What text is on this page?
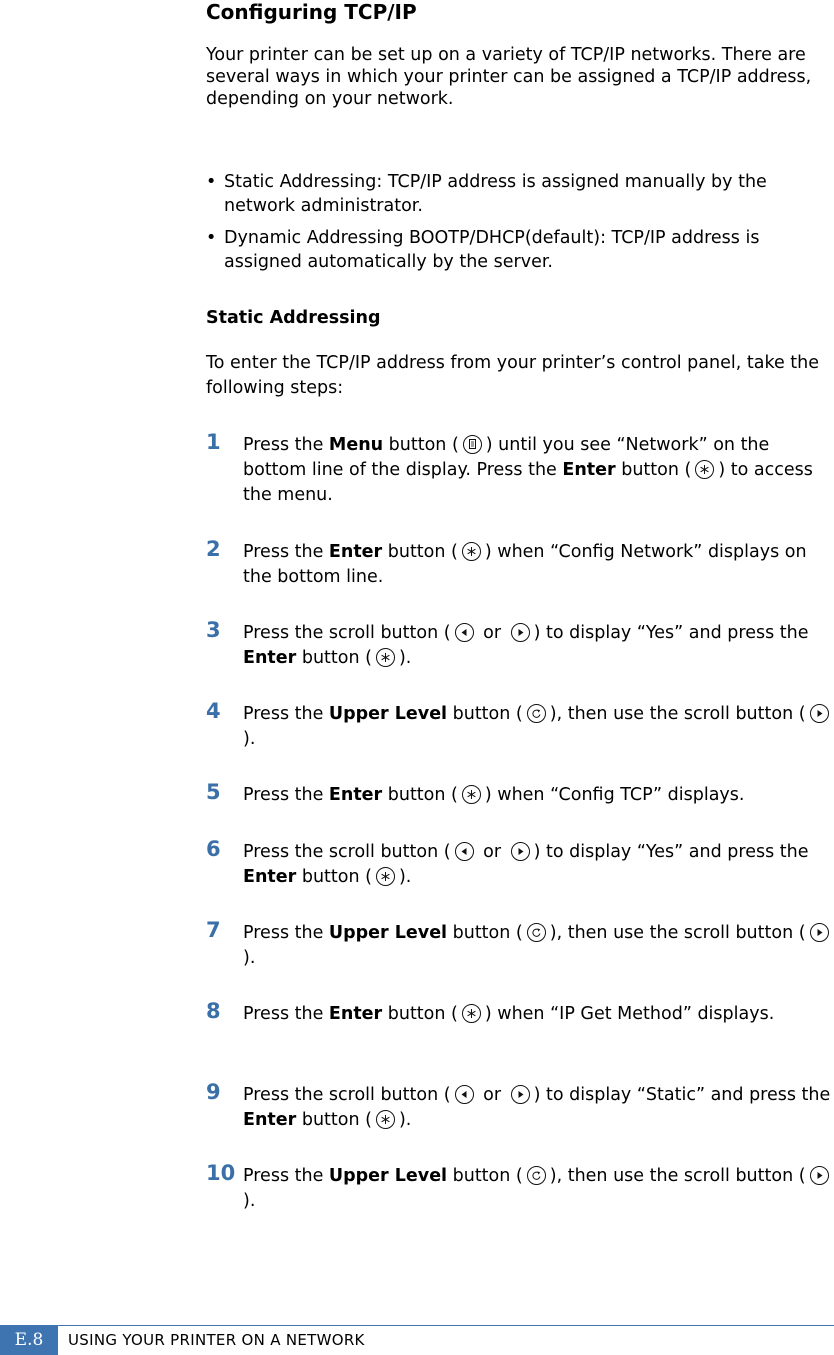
Configuring TCP/IP
Your printer can be set up on a variety of TCP/IP networks. There are several ways in which your printer can be assigned a TCP/IP address, depending on your network.
• Static Addressing: TCP/IP address is assigned manually by the network administrator.
• Dynamic Addressing BOOTP/DHCP(default): TCP/IP address is assigned automatically by the server.
Static Addressing
To enter the TCP/IP address from your printer’s control panel, take the following steps:
1 Press the Menu button ( ) until you see “Network” on the bottom line of the display. Press the Enter button ( ) to access the menu.
2 Press the Enter button ( ) when “Config Network” displays on the bottom line.
3 Press the scroll button ( or ) to display “Yes” and press the Enter button ( ).
4 Press the Upper Level button ( ), then use the scroll button (
).
5 Press the Enter button ( ) when “Config TCP” displays.
6 Press the scroll button ( or ) to display “Yes” and press the Enter button ( ).
7 Press the Upper Level button ( ), then use the scroll button (
).
8 Press the Enter button ( ) when “IP Get Method” displays.
9 Press the scroll button ( or ) to display “Static” and press the Enter button ( ).
10 Press the Upper Level button ( ), then use the scroll button (
).
E.8	USING YOUR PRINTER ON A NETWORK
